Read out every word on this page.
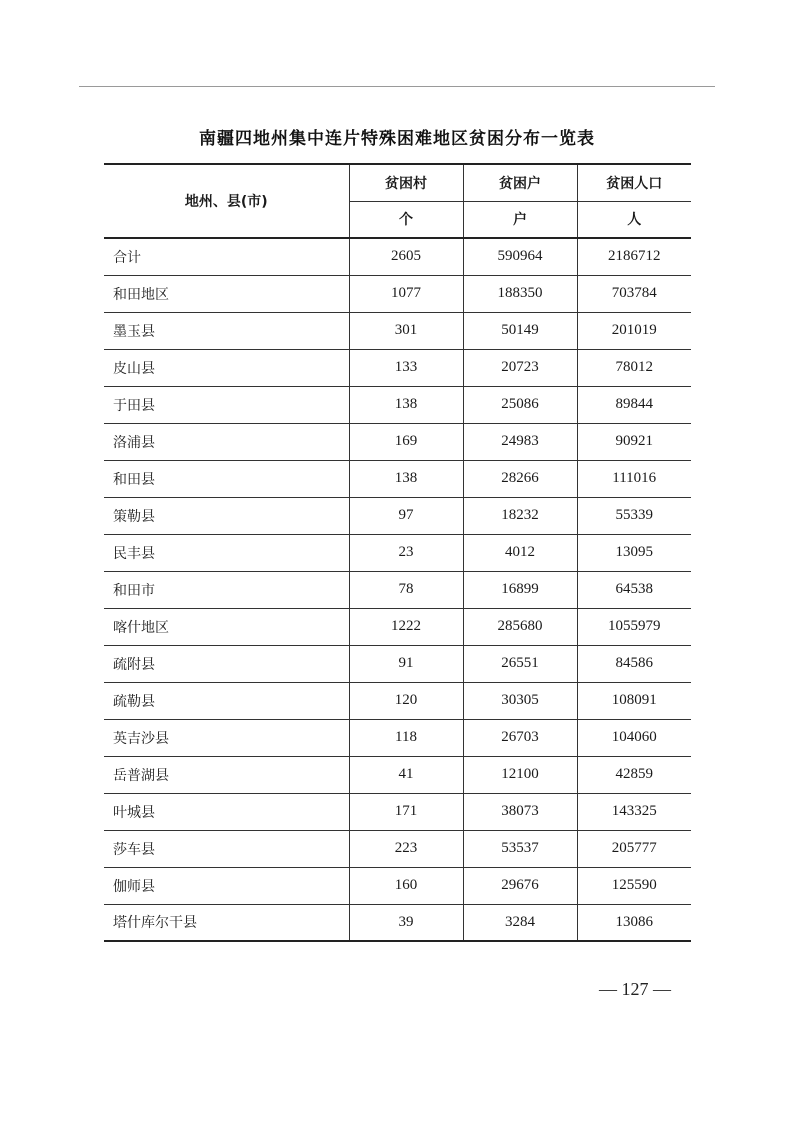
南疆四地州集中连片特殊困难地区贫困分布一览表
地州、县(市)	贫困村	贫困户	贫困人口
	个	户	人
合计	2605	590964	2186712
和田地区	1077	188350	703784
墨玉县	301	50149	201019
皮山县	133	20723	78012
于田县	138	25086	89844
洛浦县	169	24983	90921
和田县	138	28266	111016
策勒县	97	18232	55339
民丰县	23	4012	13095
和田市	78	16899	64538
喀什地区	1222	285680	1055979
疏附县	91	26551	84586
疏勒县	120	30305	108091
英吉沙县	118	26703	104060
岳普湖县	41	12100	42859
叶城县	171	38073	143325
莎车县	223	53537	205777
伽师县	160	29676	125590
塔什库尔干县	39	3284	13086
— 127 —
